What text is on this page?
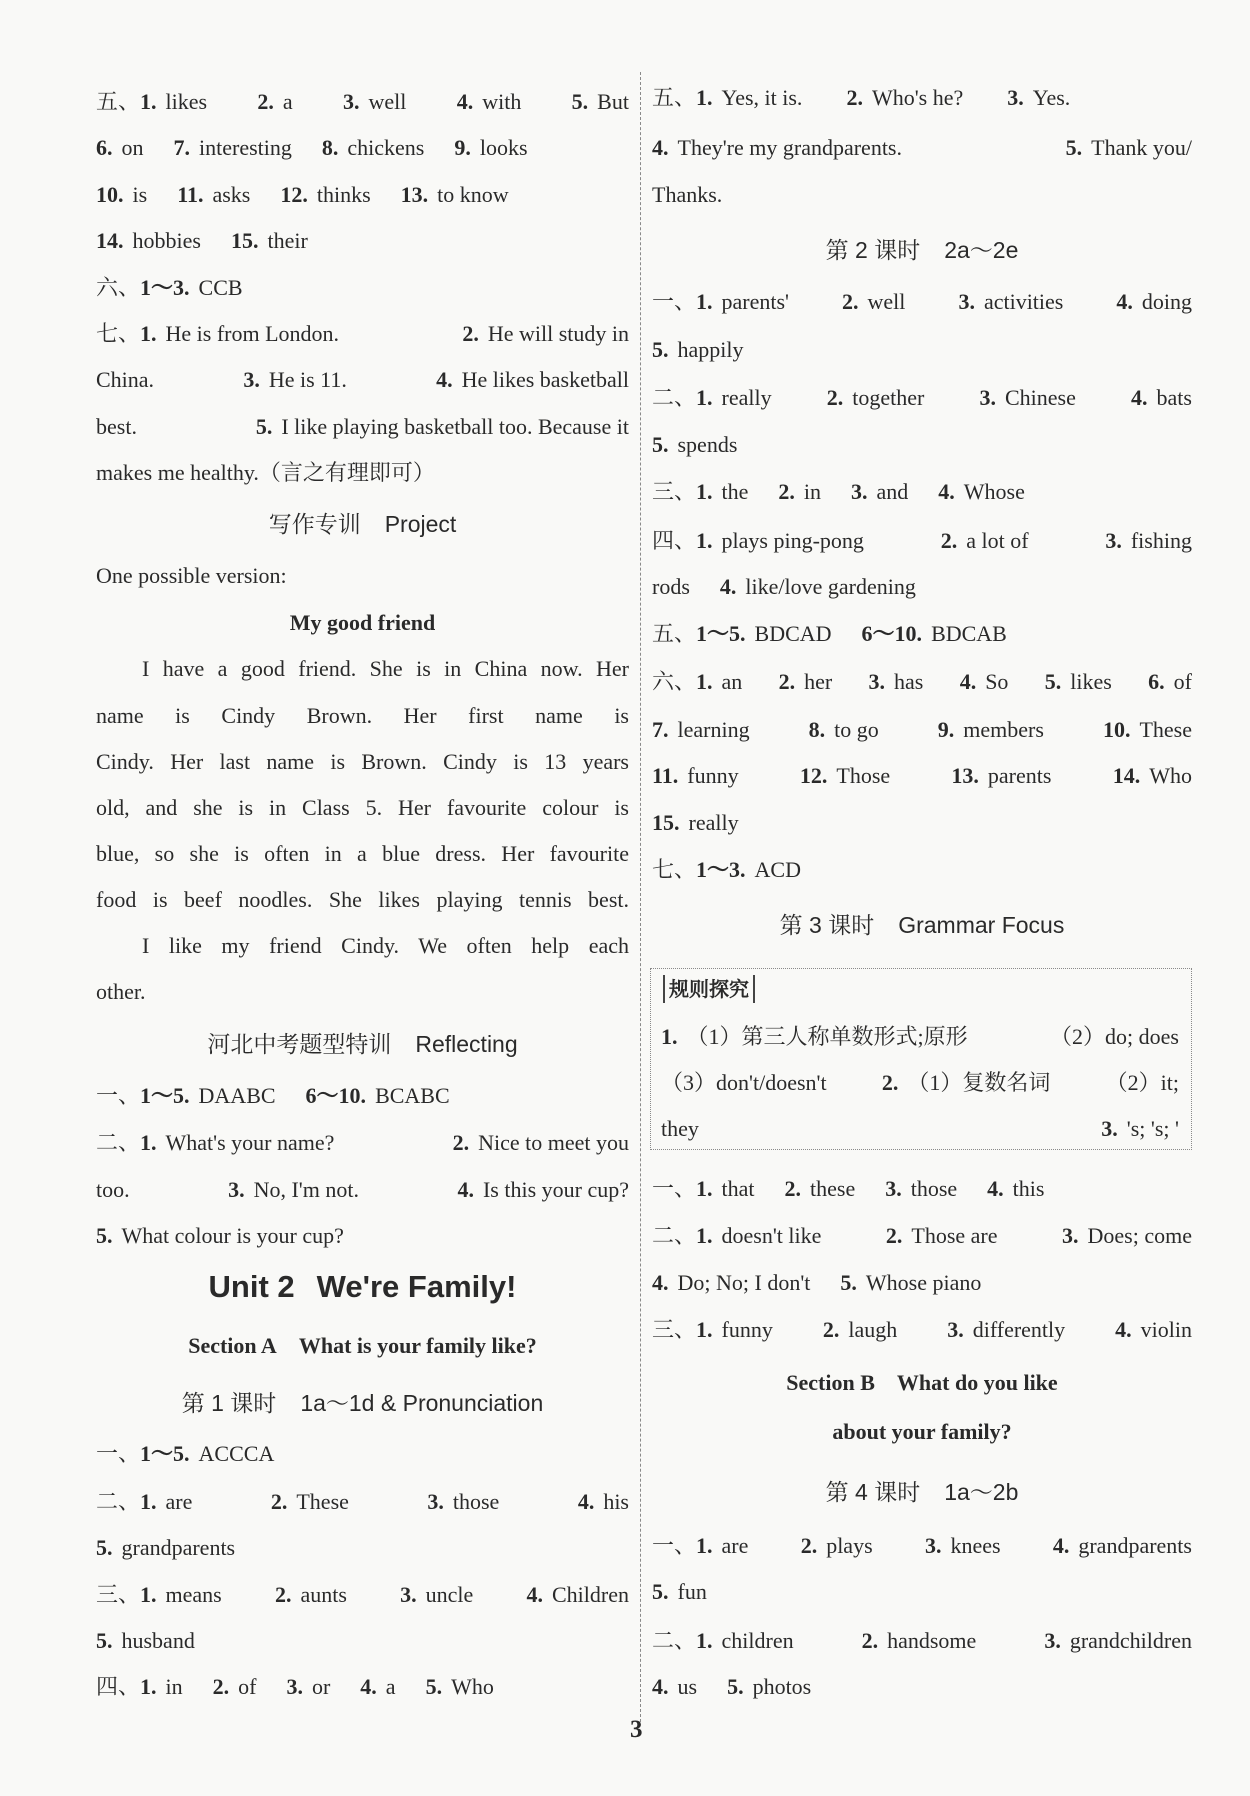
五、1. likes 2. a 3. well 4. with 5. But
6. on 7. interesting 8. chickens 9. looks
10. is 11. asks 12. thinks 13. to know
14. hobbies 15. their
六、1～3. CCB
七、1. He is from London.	2. He will study in
China.	3. He is 11.	4. He likes basketball
best.	5. I like playing basketball too. Because it
makes me healthy.（言之有理即可）
写作专训 Project
One possible version:
My good friend
I have a good friend. She is in China now. Her
name is Cindy Brown. Her first name is
Cindy. Her last name is Brown. Cindy is 13 years
old, and she is in Class 5. Her favourite colour is
blue, so she is often in a blue dress. Her favourite
food is beef noodles. She likes playing tennis best.
I like my friend Cindy. We often help each
other.
河北中考题型特训 Reflecting
一、1～5. DAABC 6～10. BCABC
二、1. What's your name?	2. Nice to meet you
too.	3. No, I'm not.	4. Is this your cup?
5. What colour is your cup?
Unit 2 We're Family!
Section A What is your family like?
第 1 课时 1a～1d & Pronunciation
一、1～5. ACCCA
二、1. are	2. These	3. those	4. his
5. grandparents
三、1. means 2. aunts 3. uncle 4. Children
5. husband
四、1. in 2. of 3. or 4. a 5. Who
五、1. Yes, it is. 2. Who's he? 3. Yes.
4. They're my grandparents.	5. Thank you/
Thanks.
第 2 课时 2a～2e
一、1. parents' 2. well 3. activities 4. doing
5. happily
二、1. really	2. together	3. Chinese	4. bats
5. spends
三、1. the 2. in 3. and 4. Whose
四、1. plays ping-pong	2. a lot of	3. fishing
rods 4. like/love gardening
五、1～5. BDCAD 6～10. BDCAB
六、1. an 2. her 3. has 4. So 5. likes 6. of
7. learning	8. to go	9. members	10. These
11. funny	12. Those	13. parents	14. Who
15. really
七、1～3. ACD
第 3 课时 Grammar Focus
一、1. that 2. these 3. those 4. this
二、1. doesn't like	2. Those are	3. Does; come
4. Do; No; I don't 5. Whose piano
三、1. funny 2. laugh 3. differently 4. violin
Section B What do you like
about your family?
第 4 课时 1a～2b
一、1. are 2. plays 3. knees 4. grandparents
5. fun
二、1. children	2. handsome	3. grandchildren
4. us 5. photos
规则探究
1. （1）第三人称单数形式;原形	（2）do; does
（3）don't/doesn't	2. （1）复数名词	（2）it;
they	3. 's; 's; '
3
